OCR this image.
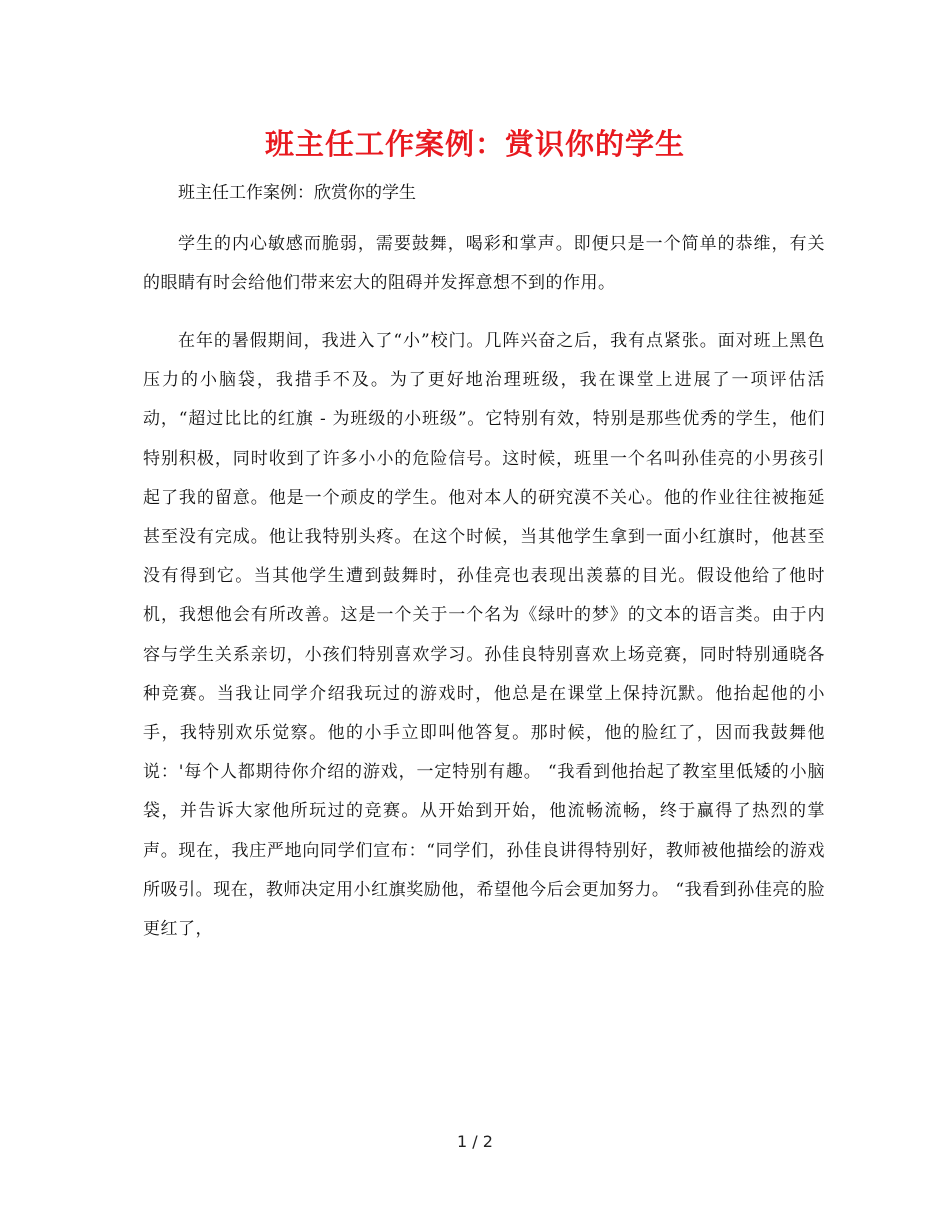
班主任工作案例：赏识你的学生
班主任工作案例：欣赏你的学生

学生的内心敏感而脆弱，需要鼓舞，喝彩和掌声。即便只是一个简单的恭维，有关的眼睛有时会给他们带来宏大的阻碍并发挥意想不到的作用。

在年的暑假期间，我进入了“小”校门。几阵兴奋之后，我有点紧张。面对班上黑色压力的小脑袋，我措手不及。为了更好地治理班级，我在课堂上进展了一项评估活动，“超过比比的红旗 - 为班级的小班级”。它特别有效，特别是那些优秀的学生，他们特别积极，同时收到了许多小小的危险信号。这时候，班里一个名叫孙佳亮的小男孩引起了我的留意。他是一个顽皮的学生。他对本人的研究漠不关心。他的作业往往被拖延甚至没有完成。他让我特别头疼。在这个时候，当其他学生拿到一面小红旗时，他甚至没有得到它。当其他学生遭到鼓舞时，孙佳亮也表现出羡慕的目光。假设他给了他时机，我想他会有所改善。这是一个关于一个名为《绿叶的梦》的文本的语言类。由于内容与学生关系亲切，小孩们特别喜欢学习。孙佳良特别喜欢上场竞赛，同时特别通晓各种竞赛。当我让同学介绍我玩过的游戏时，他总是在课堂上保持沉默。他抬起他的小手，我特别欢乐觉察。他的小手立即叫他答复。那时候，他的脸红了，因而我鼓舞他说：'每个人都期待你介绍的游戏，一定特别有趣。 “我看到他抬起了教室里低矮的小脑袋，并告诉大家他所玩过的竞赛。从开始到开始，他流畅流畅，终于赢得了热烈的掌声。现在，我庄严地向同学们宣布：“同学们，孙佳良讲得特别好，教师被他描绘的游戏所吸引。现在，教师决定用小红旗奖励他，希望他今后会更加努力。 “我看到孙佳亮的脸更红了，

1 / 2
